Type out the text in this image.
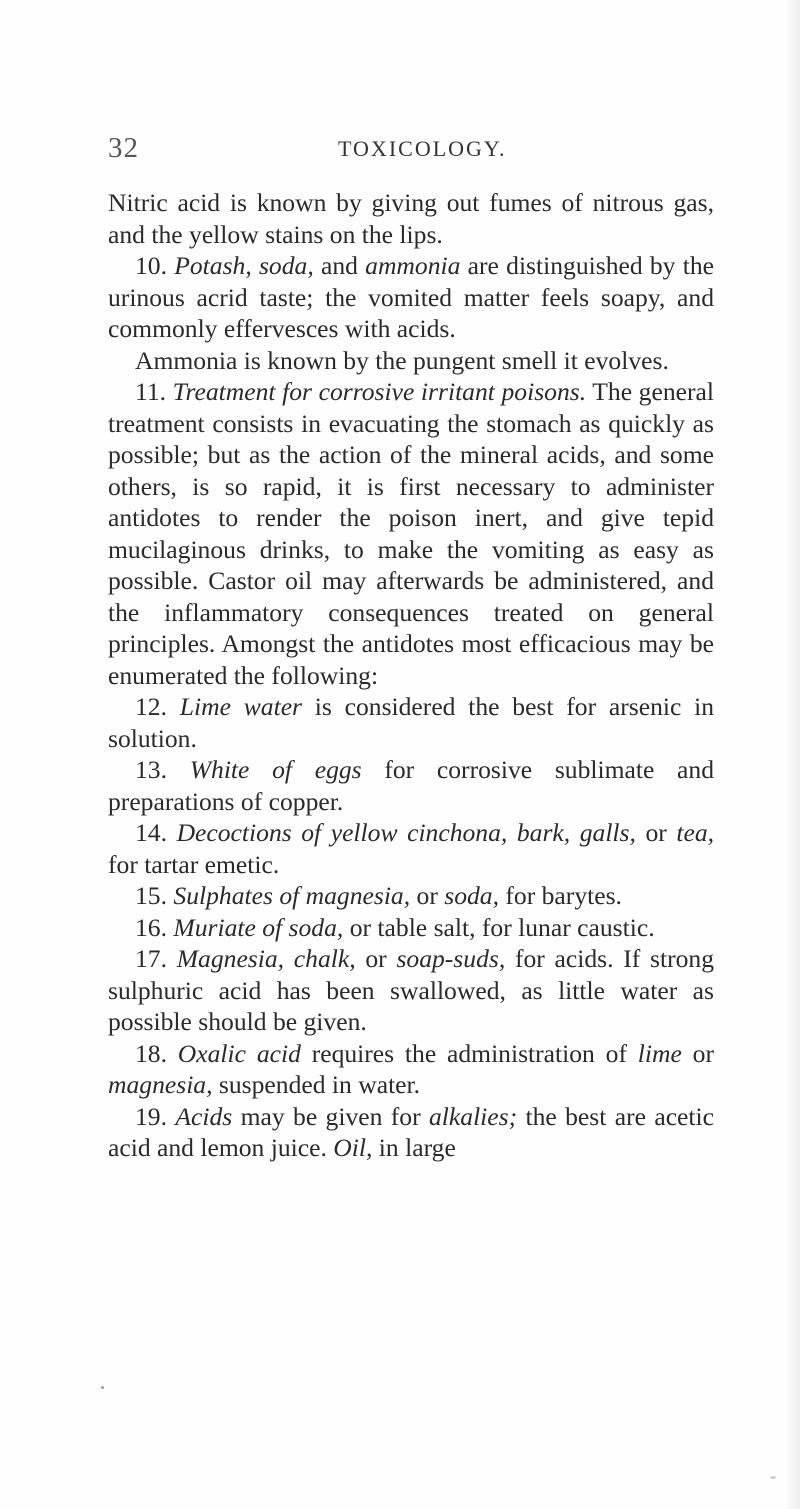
32	TOXICOLOGY.

Nitric acid is known by giving out fumes of nitrous gas, and the yellow stains on the lips.

10. Potash, soda, and ammonia are distinguished by the urinous acrid taste; the vomited matter feels soapy, and commonly effervesces with acids.

Ammonia is known by the pungent smell it evolves.

11. Treatment for corrosive irritant poisons. The general treatment consists in evacuating the stomach as quickly as possible; but as the action of the mineral acids, and some others, is so rapid, it is first necessary to administer antidotes to render the poison inert, and give tepid mucilaginous drinks, to make the vomiting as easy as possible. Castor oil may afterwards be administered, and the inflammatory consequences treated on general principles. Amongst the antidotes most efficacious may be enumerated the following:

12. Lime water is considered the best for arsenic in solution.

13. White of eggs for corrosive sublimate and preparations of copper.

14. Decoctions of yellow cinchona, bark, galls, or tea, for tartar emetic.

15. Sulphates of magnesia, or soda, for barytes.

16. Muriate of soda, or table salt, for lunar caustic.

17. Magnesia, chalk, or soap-suds, for acids. If strong sulphuric acid has been swallowed, as little water as possible should be given.

18. Oxalic acid requires the administration of lime or magnesia, suspended in water.

19. Acids may be given for alkalies; the best are acetic acid and lemon juice. Oil, in large
